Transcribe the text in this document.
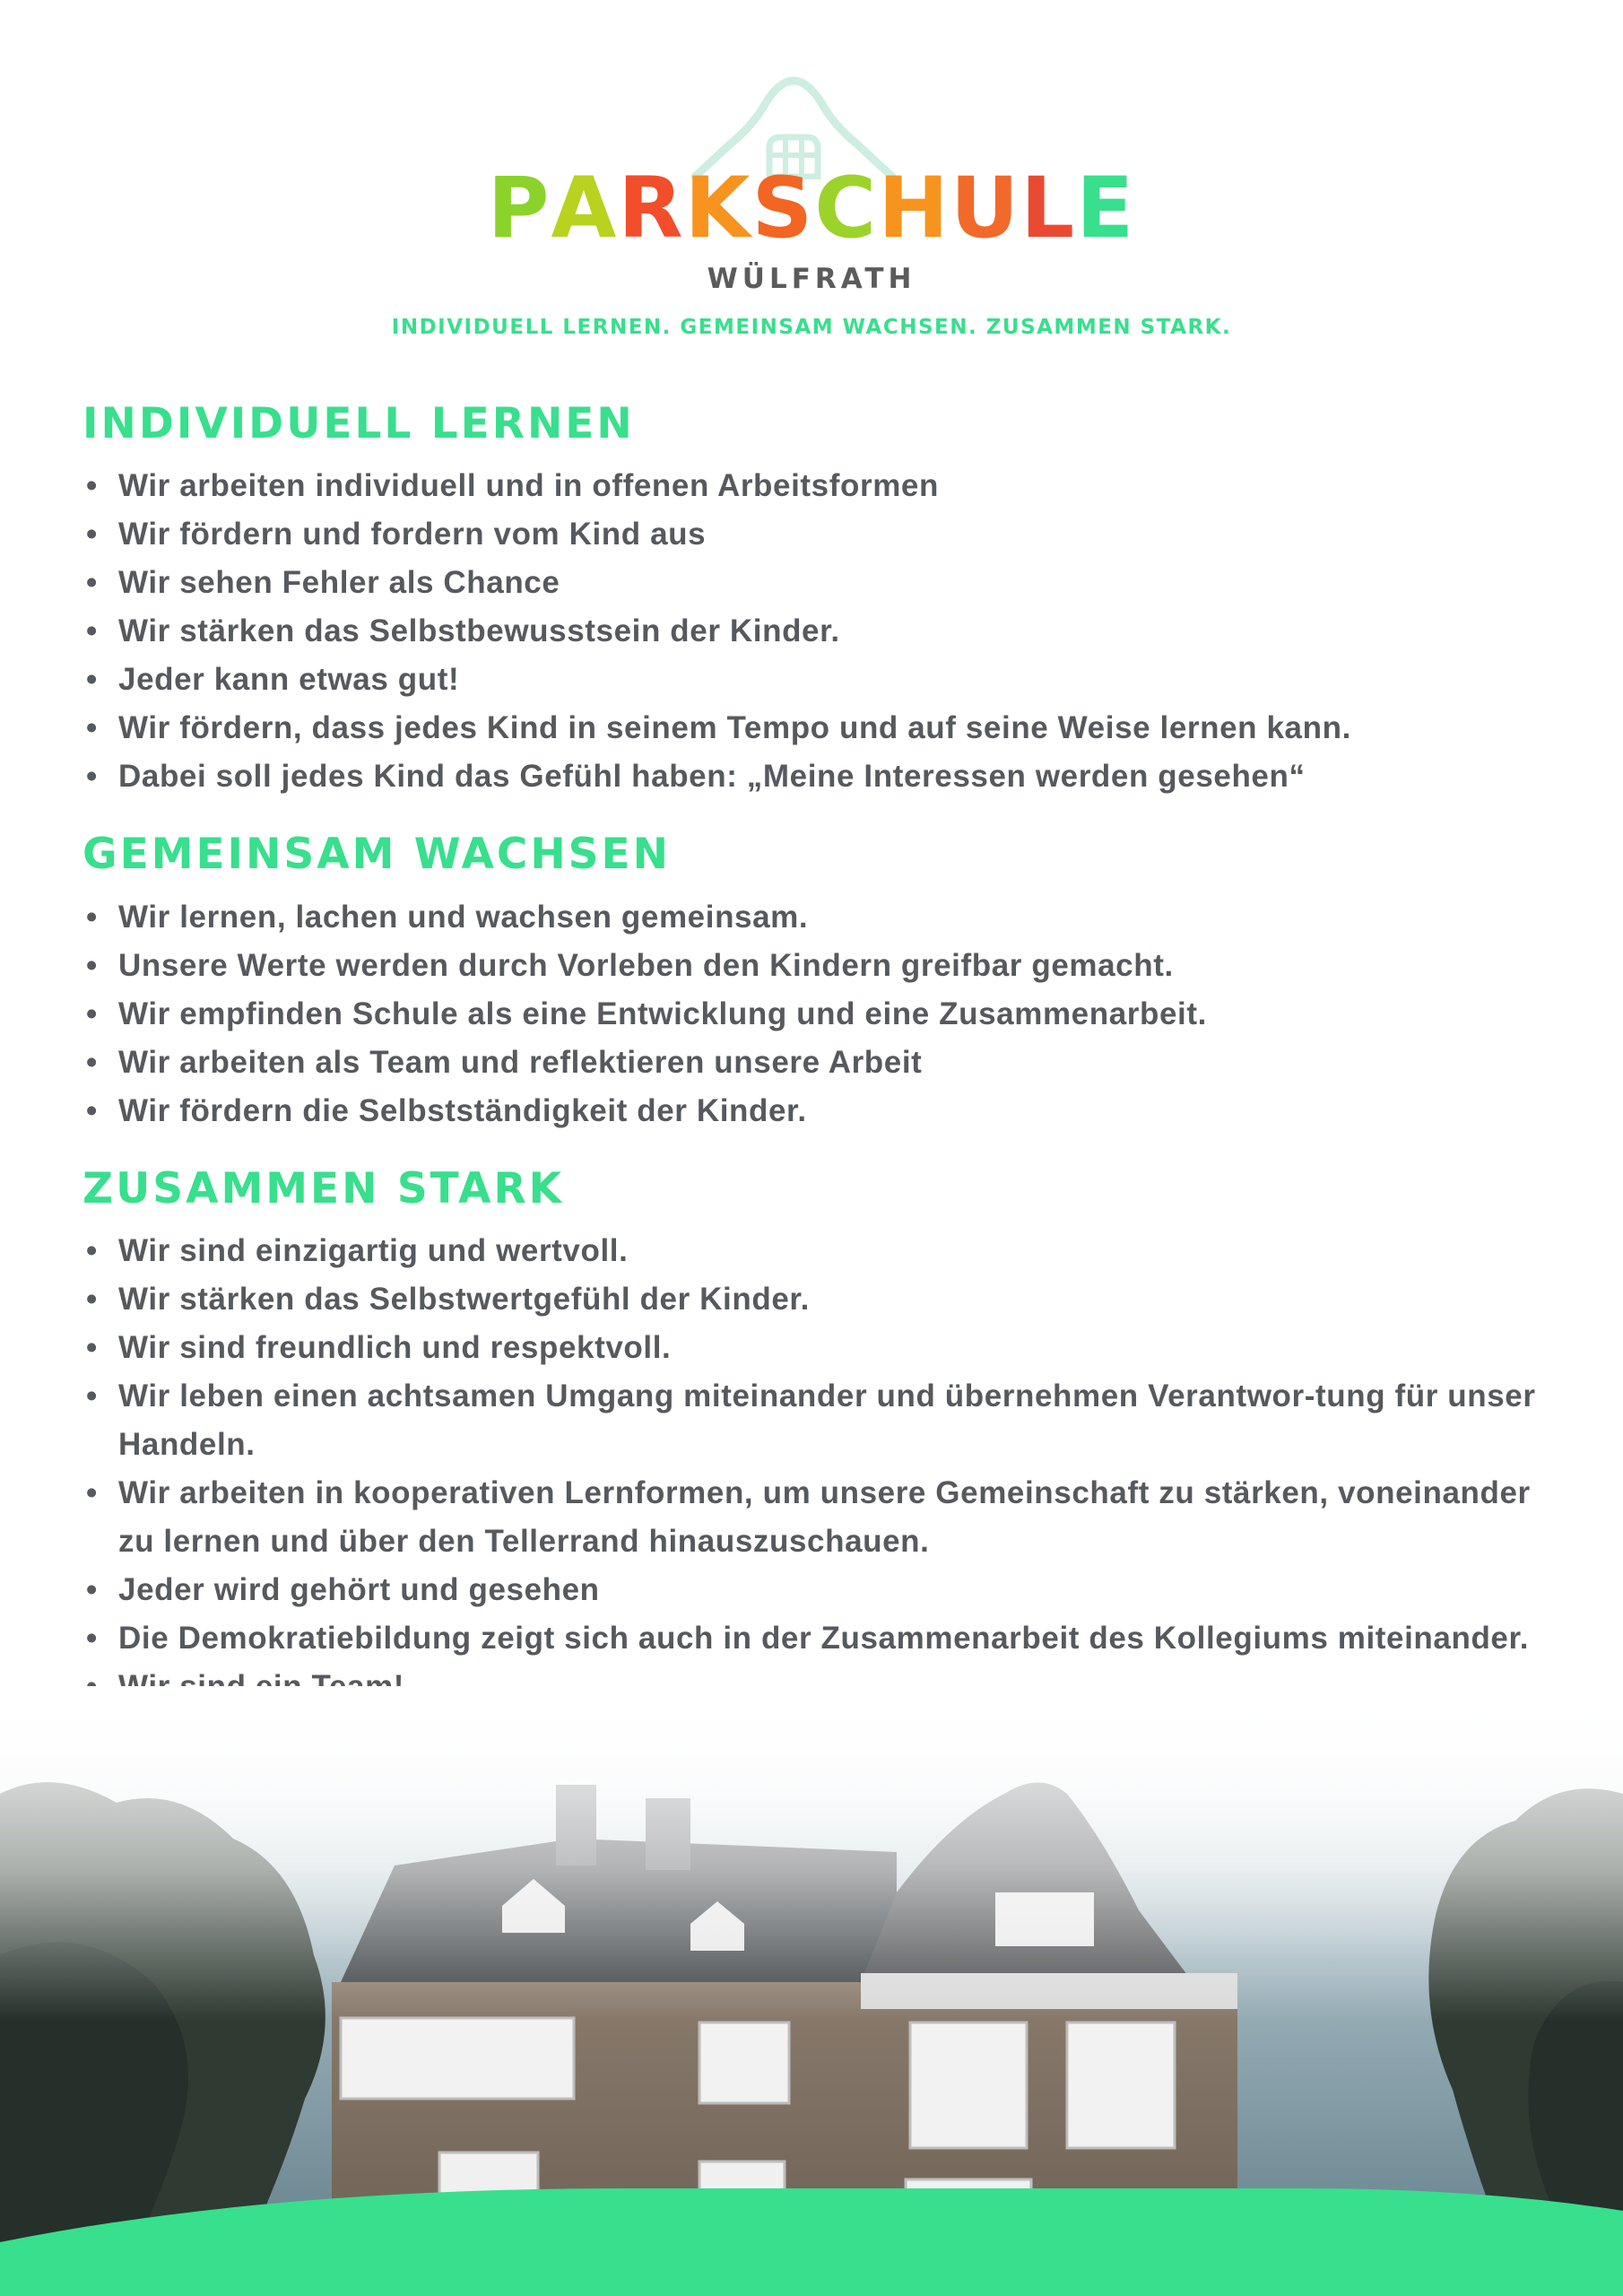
PARKSCHULE
WÜLFRATH
INDIVIDUELL LERNEN. GEMEINSAM WACHSEN. ZUSAMMEN STARK.
INDIVIDUELL LERNEN
• Wir arbeiten individuell und in offenen Arbeitsformen
• Wir fördern und fordern vom Kind aus
• Wir sehen Fehler als Chance
• Wir stärken das Selbstbewusstsein der Kinder.
• Jeder kann etwas gut!
• Wir fördern, dass jedes Kind in seinem Tempo und auf seine Weise lernen kann.
• Dabei soll jedes Kind das Gefühl haben: „Meine Interessen werden gesehen“
GEMEINSAM WACHSEN
• Wir lernen, lachen und wachsen gemeinsam.
• Unsere Werte werden durch Vorleben den Kindern greifbar gemacht.
• Wir empfinden Schule als eine Entwicklung und eine Zusammenarbeit.
• Wir arbeiten als Team und reflektieren unsere Arbeit
• Wir fördern die Selbstständigkeit der Kinder.
ZUSAMMEN STARK
• Wir sind einzigartig und wertvoll.
• Wir stärken das Selbstwertgefühl der Kinder.
• Wir sind freundlich und respektvoll.
• Wir leben einen achtsamen Umgang miteinander und übernehmen Verantwor-tung für unser Handeln.
• Wir arbeiten in kooperativen Lernformen, um unsere Gemeinschaft zu stärken, voneinander zu lernen und über den Tellerrand hinauszuschauen.
• Jeder wird gehört und gesehen
• Die Demokratiebildung zeigt sich auch in der Zusammenarbeit des Kollegiums miteinander.
•
